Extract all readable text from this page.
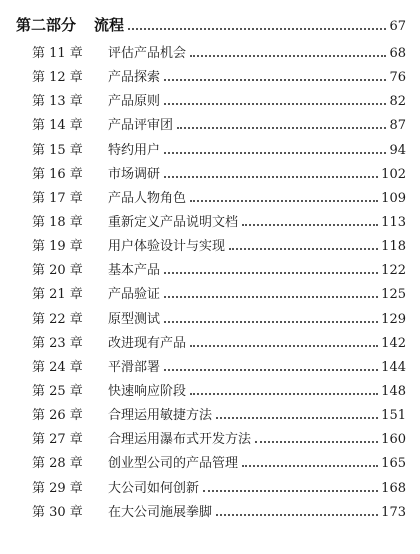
第二部分 流程	67
第 11 章	评估产品机会	68
第 12 章	产品探索	76
第 13 章	产品原则	82
第 14 章	产品评审团	87
第 15 章	特约用户	94
第 16 章	市场调研	102
第 17 章	产品人物角色	109
第 18 章	重新定义产品说明文档	113
第 19 章	用户体验设计与实现	118
第 20 章	基本产品	122
第 21 章	产品验证	125
第 22 章	原型测试	129
第 23 章	改进现有产品	142
第 24 章	平滑部署	144
第 25 章	快速响应阶段	148
第 26 章	合理运用敏捷方法	151
第 27 章	合理运用瀑布式开发方法	160
第 28 章	创业型公司的产品管理	165
第 29 章	大公司如何创新	168
第 30 章	在大公司施展拳脚	173
